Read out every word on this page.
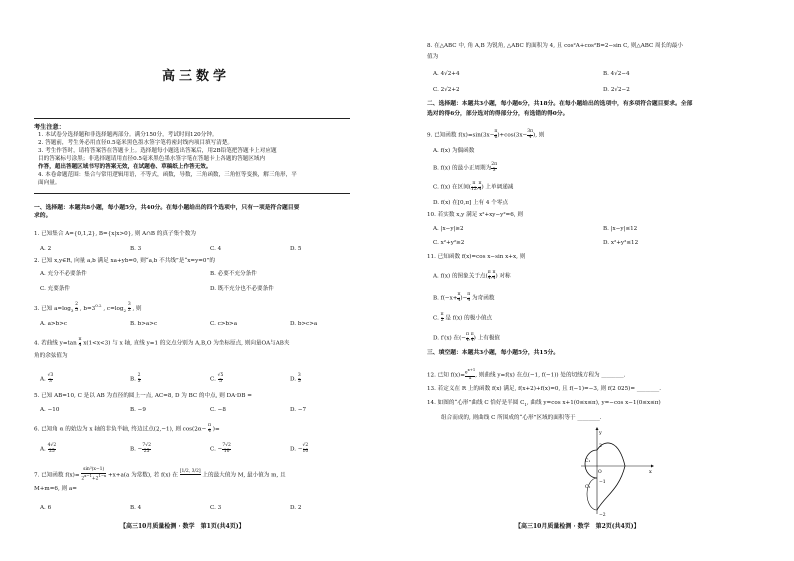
高三数学
考生注意：
1. 本试卷分选择题和非选择题两部分。满分150分，考试时间120分钟。
2. 答题前，考生务必用直径0.5毫米黑色墨水签字笔将密封线内项目填写清楚。
3. 考生作答时，请将答案答在答题卡上。选择题每小题选出答案后，用2B铅笔把答题卡上对应题
目的答案标号涂黑；非选择题请用直径0.5毫米黑色墨水签字笔在答题卡上各题的答题区域内
作答，超出答题区域书写的答案无效，在试题卷、草稿纸上作答无效。
4. 本卷命题范围：集合与常用逻辑用语，不等式，函数，导数，三角函数，三角恒等变换，解三角形，平
面向量。
一、选择题：本题共8小题，每小题5分，共40分。在每小题给出的四个选项中，只有一项是符合题目要
求的。
1. 已知集合 A={0,1,2}, B={x|x>0}, 则 A∩B 的真子集个数为
A. 2	B. 3	C. 4	D. 5
2. 已知 x,y∈R, 向量 a,b 满足 xa+yb=0, 则“a,b 不共线”是“x=y=0”的
A. 充分不必要条件	B. 必要不充分条件
C. 充要条件	D. 既不充分也不必要条件
3. 已知 $a=\log_3 \frac{2}{5}$ , $b=3^{0.2}$ , $c=\log_2 \frac{3}{2}$ , 则
A. a>b>c	B. b>a>c	C. c>b>a	D. b>c>a
4. 若曲线 $y=\tan \frac{\pi}{4} x(1<x<3)$ 与 x 轴, 直线 y=1 的交点分别为 A,B,O 为坐标原点, 则向量OA与AB夹
角的余弦值为
A. $\frac{√3}{3}$	B. $\frac{2}{3}$	C. $\frac{√5}{5}$	D. $\frac{3}{5}$
5. 已知 AB=10, C 是以 AB 为直径的圆上一点, AC=8, D 为 BC 的中点, 则 DA·DB =
A. −10	B. −9	C. −8	D. −7
6. 已知角 α 的始边为 x 轴的非负半轴, 终边过点(2,−1), 则 $\cos(2\alpha- \frac{\pi}{4}$ )=
A. $\frac{4√2}{25}$	B. − $\frac{7√2}{25}$	C. − $\frac{7√2}{10}$	D. − $\frac{√2}{10}$
7. 已知函数 $f(x)= \frac{\text{sin³(x−1)}}{2^{x-1}+2^{1-x}} +x+a(a$ 为常数), 若 f(x) 在
[1/2, 3/2]

上的最大值为 M, 最小值为 m, 且
M+m=6, 则 a=
A. 6	B. 4	C. 3	D. 2
【高三10月质量检测 · 数学　第1页(共4页)】
8. 在△ABC 中, 角 A,B 为锐角, △ABC 的面积为 4, 且 cos²A+cos²B=2−sin C, 则△ABC 周长的最小
值为
A. 4√2+4	B. 4√2−4
C. 2√2+2	D. 2√2−2
二、选择题：本题共3小题，每小题6分，共18分。在每小题给出的选项中，有多项符合题目要求。全部
选对的得6分，部分选对的得部分分，有选错的得0分。
9. 已知函数 $f(x)=\sin(3x- \frac{\pi}{6} )+\cos(3x- \frac{3\pi}{4}$ ), 则
A. f(x) 为偶函数
B. f(x) 的最小正周期为 $\frac{2\pi}{3}$
C. f(x) 在区间( $\frac{\pi}{12}$ , $\frac{\pi}{4}$ ) 上单调递减
D. f(x) 在[0,π] 上有 4 个零点
10. 若实数 x,y 满足 x²+xy−y²=6, 则
A. |x−y|≥2	B. |x−y|≤12
C. x²+y²≥2	D. x²+y²≤12
11. 已知函数 f(x)=cos x−sin x+x, 则
A. f(x) 的图象关于点( $\frac{\pi}{4}$ , $\frac{\pi}{4}$ ) 对称
B. $f(-x+ \frac{\pi}{4}$ )− $\frac{\pi}{4}$ 为奇函数
C. $\frac{\pi}{2}$ 是 f(x) 的极小值点
D. f′(x) 在(− $\frac{\pi}{4}$ , $\frac{\pi}{4}$ ) 上有极值
三、填空题：本题共3小题，每小题5分，共15分。
12. 已知 $f(x)= \frac{e^{x+1}}{x}$ , 则曲线 y=f(x) 在点(−1, f(−1)) 处的切线方程为 ________.
13. 若定义在 R 上的函数 f(x) 满足, f(x+2)+f(x)=0, 且 f(−1)=−3, 则 f(2 025)= ________.
14. 如图的“心形”曲线 C 恰好是半圆 $C_1$, 曲线 y=cos x+1(0≤x≤π), y=−cos x−1(0≤x≤π)
组合而成的, 则曲线 C 所围成的“心形”区域的面积等于 ________.
y
x
O
2
C₁
C₂
−1
−2
【高三10月质量检测 · 数学　第2页(共4页)】
